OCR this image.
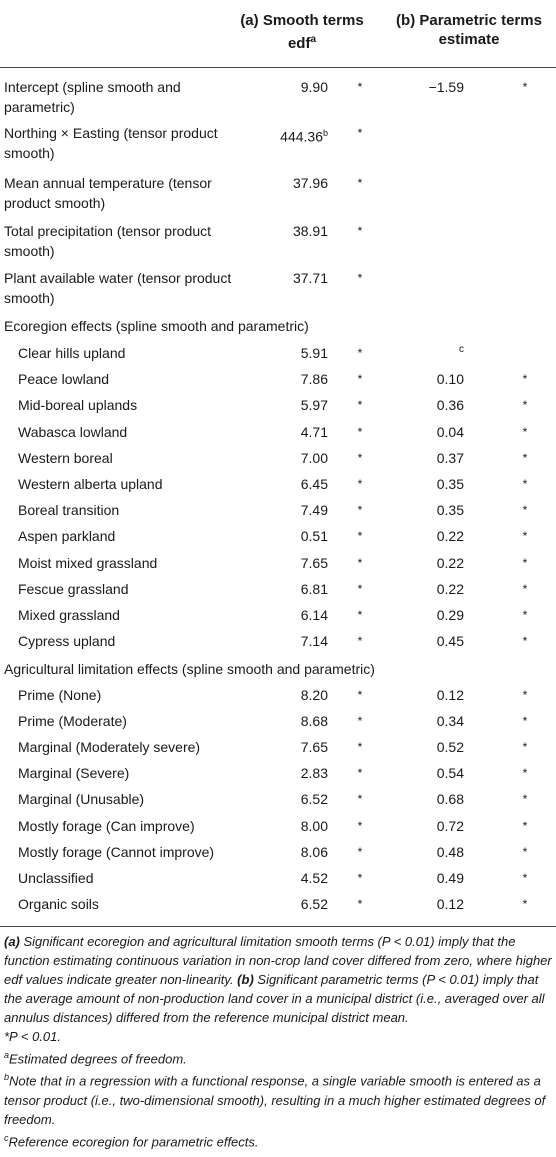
(a) Smooth terms
edf$^a$
(b) Parametric terms
estimate
Intercept (spline smooth and parametric)
9.90 *	−1.59	*
Northing × Easting (tensor product smooth)
444.36$^b$ *
Mean annual temperature (tensor product smooth)
37.96 *
Total precipitation (tensor product smooth)
38.91 *
Plant available water (tensor product smooth)
37.71 *
Ecoregion effects (spline smooth and parametric)
Clear hills upland	5.91 *	c
Peace lowland	7.86 *	0.10	*
Mid-boreal uplands	5.97 *	0.36	*
Wabasca lowland	4.71 *	0.04	*
Western boreal	7.00 *	0.37	*
Western alberta upland	6.45 *	0.35	*
Boreal transition	7.49 *	0.35	*
Aspen parkland	0.51 *	0.22	*
Moist mixed grassland	7.65 *	0.22	*
Fescue grassland	6.81 *	0.22	*
Mixed grassland	6.14 *	0.29	*
Cypress upland	7.14 *	0.45	*
Agricultural limitation effects (spline smooth and parametric)
Prime (None)	8.20 *	0.12	*
Prime (Moderate)	8.68 *	0.34	*
Marginal (Moderately severe)	7.65 *	0.52	*
Marginal (Severe)	2.83 *	0.54	*
Marginal (Unusable)	6.52 *	0.68	*
Mostly forage (Can improve)	8.00 *	0.72	*
Mostly forage (Cannot improve)	8.06 *	0.48	*
Unclassified	4.52 *	0.49	*
Organic soils	6.52 *	0.12	*

(a) Significant ecoregion and agricultural limitation smooth terms (P < 0.01) imply that the function estimating continuous variation in non-crop land cover differed from zero, where higher edf values indicate greater non-linearity. (b) Significant parametric terms (P < 0.01) imply that the average amount of non-production land cover in a municipal district (i.e., averaged over all annulus distances) differed from the reference municipal district mean.

*P < 0.01.

$^a$Estimated degrees of freedom.

$^b$Note that in a regression with a functional response, a single variable smooth is entered as a tensor product (i.e., two-dimensional smooth), resulting in a much higher estimated degrees of freedom.

$^c$Reference ecoregion for parametric effects.
